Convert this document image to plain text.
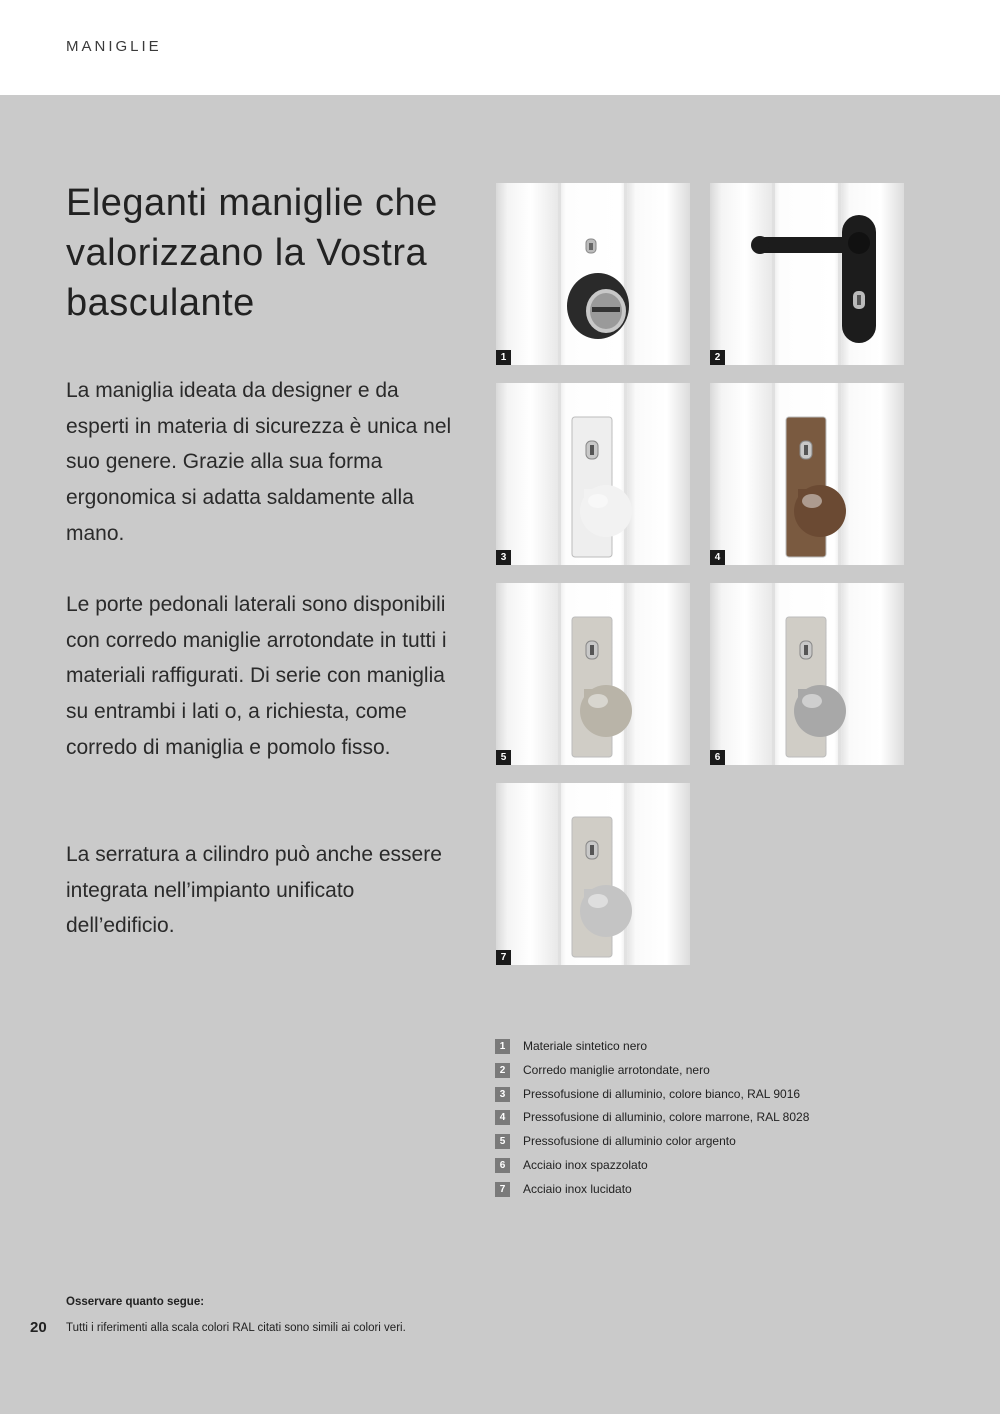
MANIGLIE
Eleganti maniglie che valorizzano la Vostra basculante

La maniglia ideata da designer e da esperti in materia di sicurezza è unica nel suo genere. Grazie alla sua forma ergonomica si adatta saldamente alla mano.

Le porte pedonali laterali sono disponibili con corredo maniglie arrotondate in tutti i materiali raffigurati. Di serie con maniglia su entrambi i lati o, a richiesta, come corredo di maniglia e pomolo fisso.

La serratura a cilindro può anche essere integrata nell’impianto unificato dell’edificio.

1	2
3	4
5	6
7
1	Materiale sintetico nero
2	Corredo maniglie arrotondate, nero
3	Pressofusione di alluminio, colore bianco, RAL 9016
4	Pressofusione di alluminio, colore marrone, RAL 8028
5	Pressofusione di alluminio color argento
6	Acciaio inox spazzolato
7	Acciaio inox lucidato
Osservare quanto segue:
20 Tutti i riferimenti alla scala colori RAL citati sono simili ai colori veri.
